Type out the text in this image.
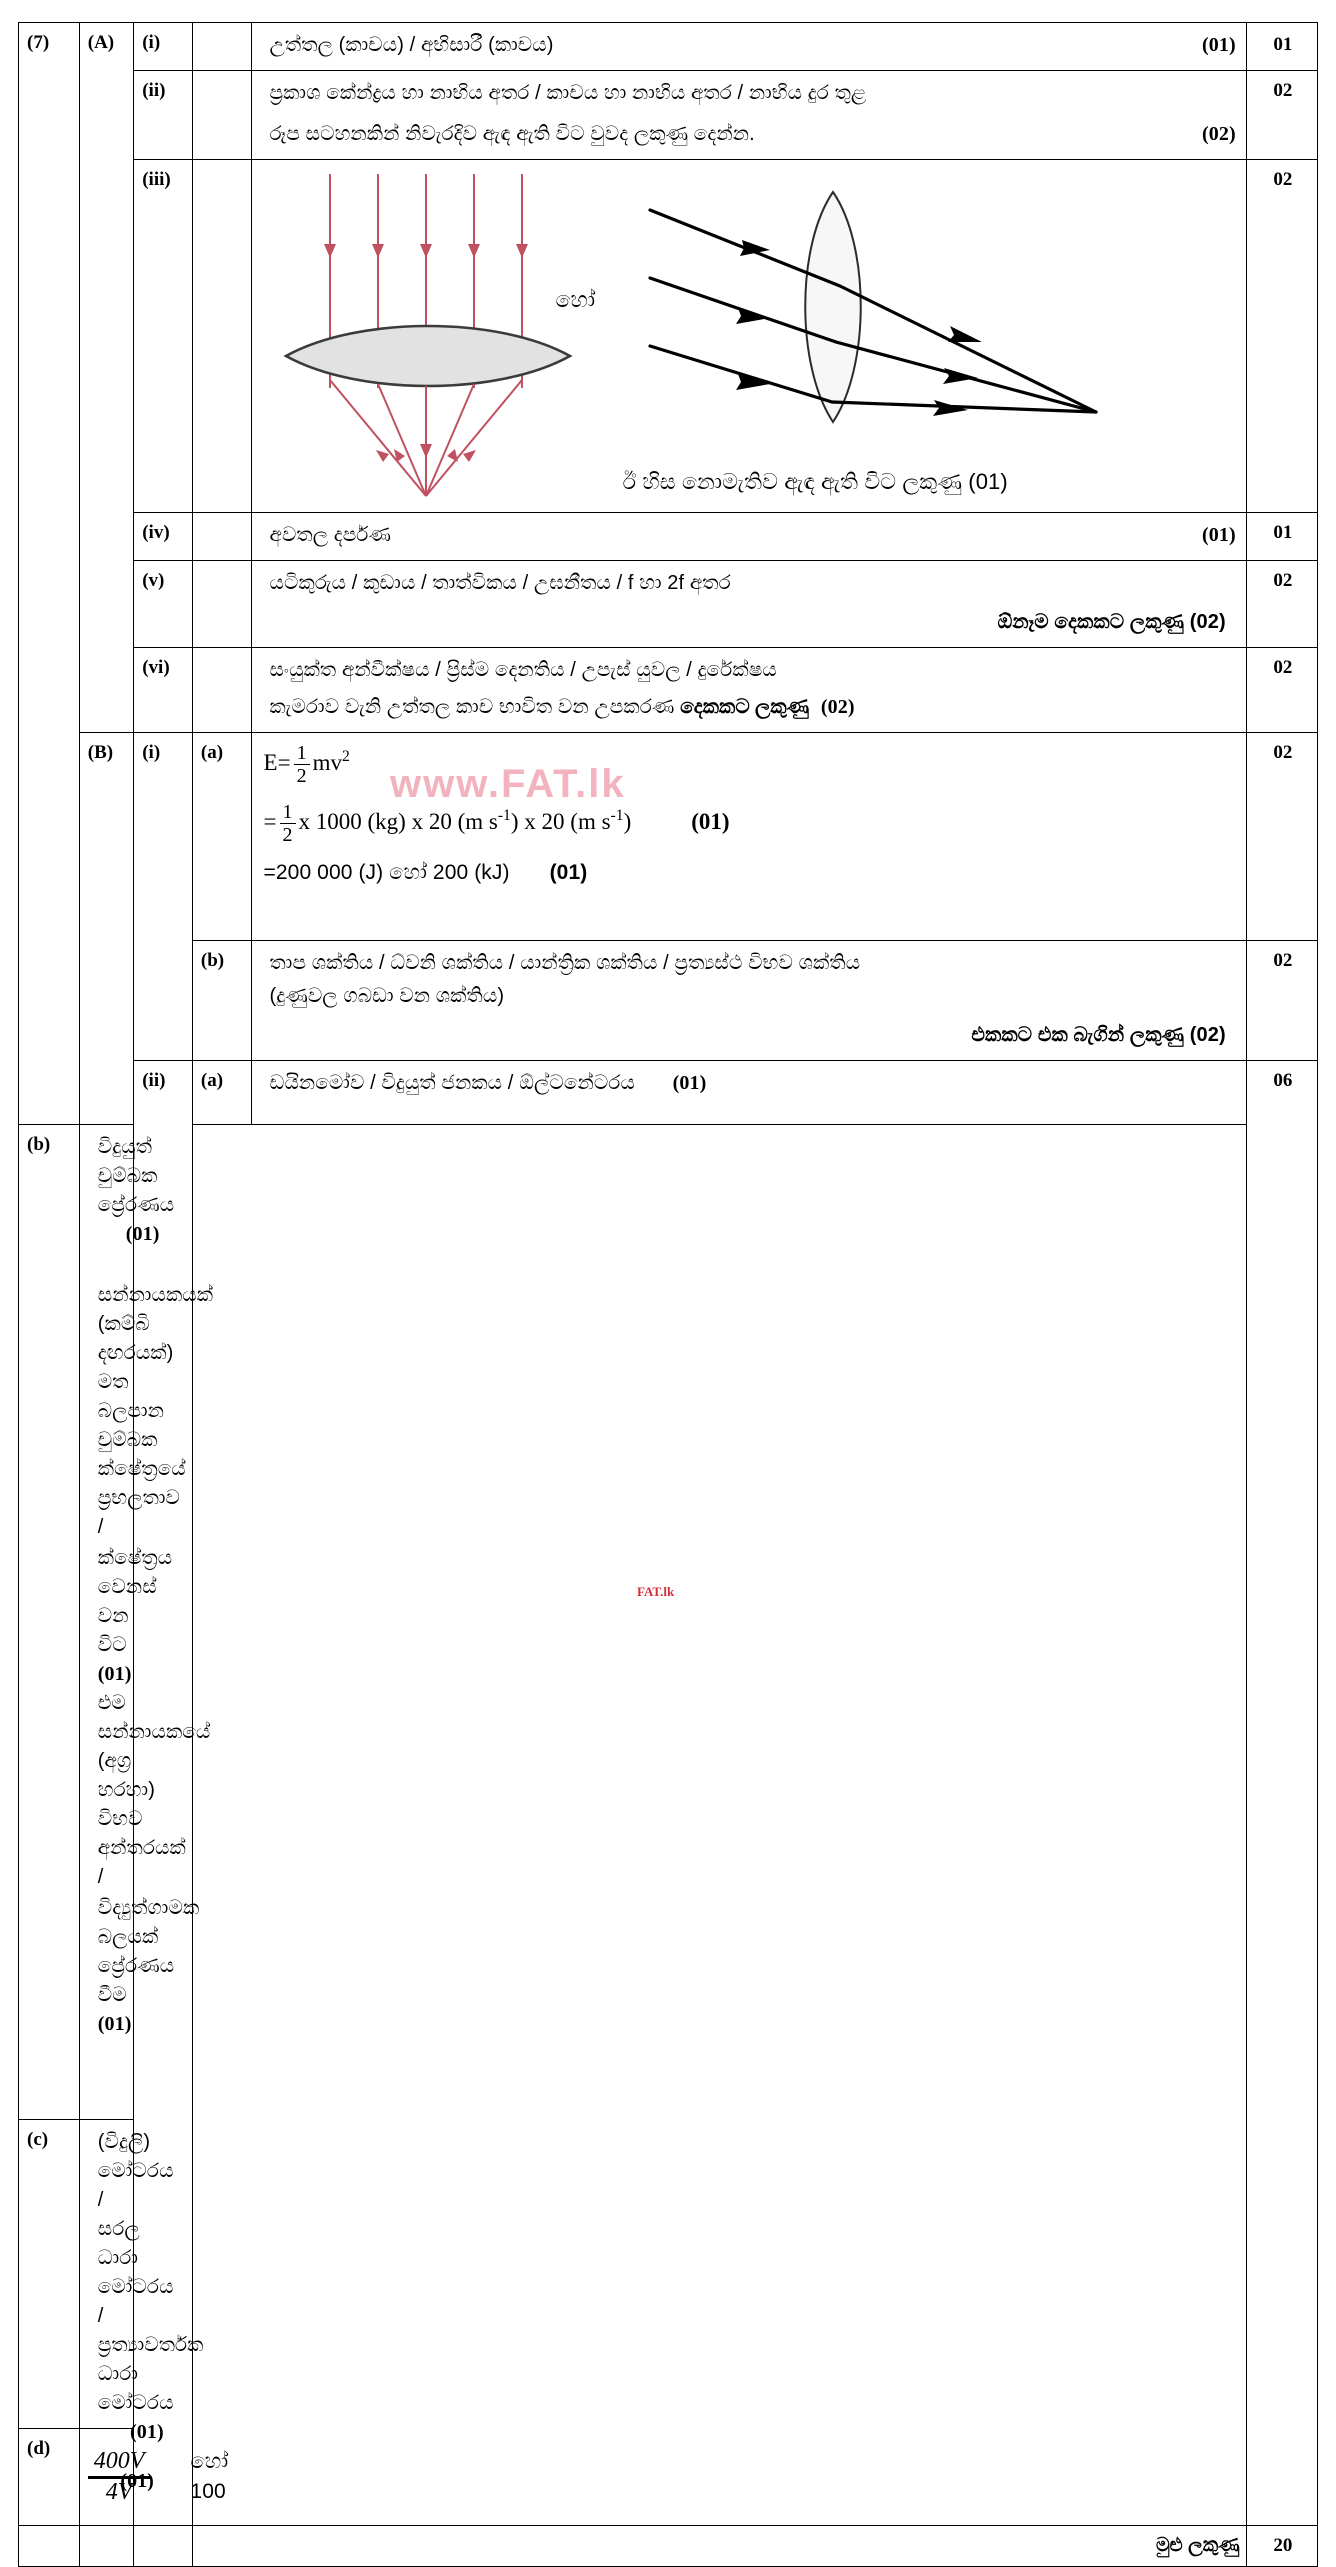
www.FAT.lk
FAT.lk
(7)	(A)	(i)		උත්තල (කාචය) / අභිසාරී (කාචය) (01)	01
		(ii)		ප්‍රකාශ කේන්ද්‍රය හා නාභිය අතර / කාචය හා නාභිය අතර / නාභිය දුර තුළ
රූප සටහනකින් නිවැරදිව ඇඳ ඇති විට වුවද ලකුණු දෙන්න. (02)	02
		(iii)		හෝ
ඊ හිස නොමැතිව ඇඳ ඇති විට ලකුණු (01)	02
		(iv)		අවතල දර්පණ (01)	01
		(v)		යටිකුරුය / කුඩාය / තාත්විකය / උඝනීතය / f හා 2f අතර
ඕනෑම දෙකකට ලකුණු (02)	02
		(vi)		සංයුක්ත අන්වීක්ෂය / ප්‍රිස්ම දෙනතිය / උපැස් යුවල / දුරේක්ෂය
කැමරාව වැනි උත්තල කාච භාවිත වන උපකරණ දෙකකට ලකුණු (02)	02
(B)	(i)	(a)	$E= \frac{1}{2} mv^2$
= $\frac{1}{2}$ x 1000 (kg) x 20 (m $s^{-1}$) x 20 (m $s^{-1}$)	(01)
=200 000 (J) හෝ 200 (kJ) (01)
	02
			(b)	තාප ශක්තිය / ධ්වනි ශක්තිය / යාන්ත්‍රික ශක්තිය / ප්‍රත්‍යස්ථ විභව ශක්තිය
(දුණුවල ගබඩා වන ශක්තිය)
එකකට එක බැගින් ලකුණු (02)	02
		(ii)	(a)	ඩයිනමෝව / විදුයුත් ජනකය / ඕල්ටනේටරය (01)	06
(b)	විදුයුත් චුම්බක ප්‍රේරණය (01)
සන්නායකයක් (කම්බි දඟරයක්) මත බලපාන චුම්බක ක්ෂේත්‍රයේ ප්‍රභලතාව /
ක්ෂේත්‍රය වෙනස් වන විට (01) එම සන්නායකයේ (අග්‍ර හරහා) විභව අන්තරයක් /
විද්‍යුත්ගාමක බලයක් ප්‍රේරණය වීම (01)				

(c)	(විදුලි) මෝටරය / සරල ධාරා මෝටරය / ප්‍රත්‍යාවර්තක ධාරා මෝටරය
(01)				

(d)	$\frac{400V}{4V}$ හෝ 100
(01)				

			මුළු ලකුණු		20
